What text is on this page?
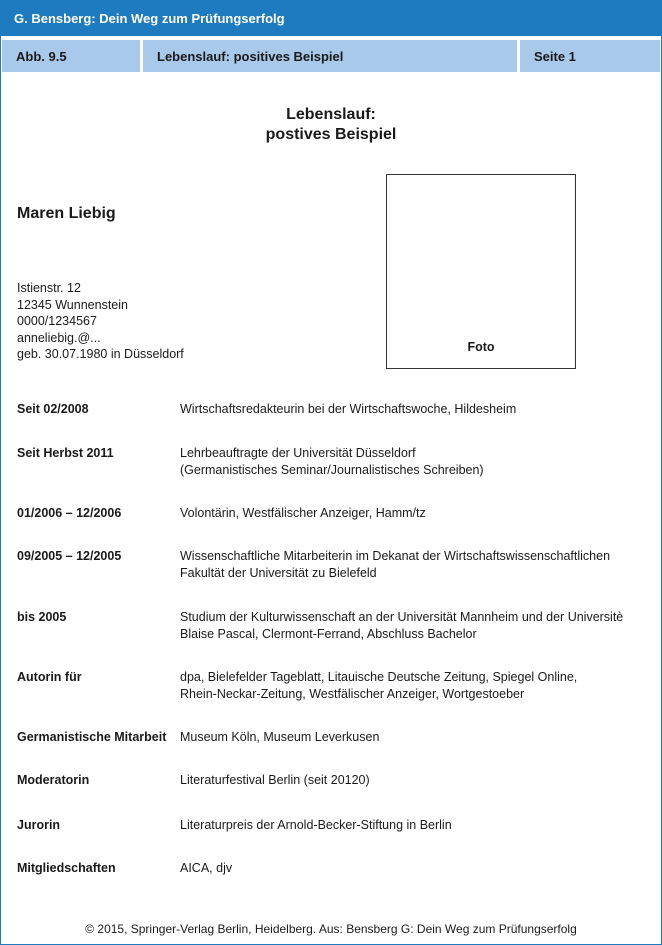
G. Bensberg: Dein Weg zum Prüfungserfolg
Abb. 9.5	Lebenslauf: positives Beispiel	Seite 1
Lebenslauf:
postives Beispiel
Maren Liebig
Istienstr. 12
12345 Wunnenstein
0000/1234567
anneliebig.@...
geb. 30.07.1980 in Düsseldorf	Foto
Seit 02/2008	Wirtschaftsredakteurin bei der Wirtschaftswoche, Hildesheim
Seit Herbst 2011	Lehrbeauftragte der Universität Düsseldorf
(Germanistisches Seminar/Journalistisches Schreiben)
01/2006 – 12/2006	Volontärin, Westfälischer Anzeiger, Hamm/tz
09/2005 – 12/2005	Wissenschaftliche Mitarbeiterin im Dekanat der Wirtschaftswissenschaftlichen
Fakultät der Universität zu Bielefeld
bis 2005	Studium der Kulturwissenschaft an der Universität Mannheim und der Universitè
Blaise Pascal, Clermont-Ferrand, Abschluss Bachelor
Autorin für	dpa, Bielefelder Tageblatt, Litauische Deutsche Zeitung, Spiegel Online,
Rhein-Neckar-Zeitung, Westfälischer Anzeiger, Wortgestoeber
Germanistische Mitarbeit Museum Köln, Museum Leverkusen
Moderatorin	Literaturfestival Berlin (seit 20120)
Jurorin	Literaturpreis der Arnold-Becker-Stiftung in Berlin
Mitgliedschaften	AICA, djv
© 2015, Springer-Verlag Berlin, Heidelberg. Aus: Bensberg G: Dein Weg zum Prüfungserfolg
